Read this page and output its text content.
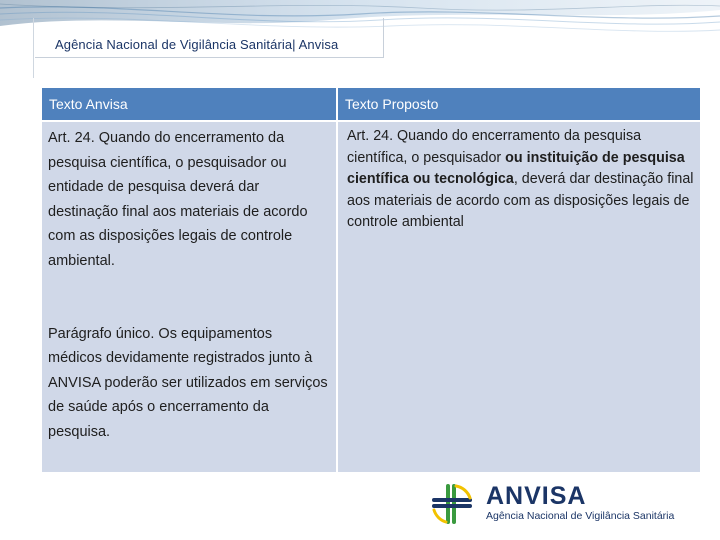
Agência Nacional de Vigilância Sanitária| Anvisa
Texto Anvisa	Texto Proposto

Art. 24. Quando do encerramento da pesquisa científica, o pesquisador ou entidade de pesquisa deverá dar destinação final aos materiais de acordo com as disposições legais de controle ambiental.

Parágrafo único. Os equipamentos médicos devidamente registrados junto à ANVISA poderão ser utilizados em serviços de saúde após o encerramento da pesquisa.

Art. 24. Quando do encerramento da pesquisa científica, o pesquisador ou instituição de pesquisa científica ou tecnológica, deverá dar destinação final aos materiais de acordo com as disposições legais de controle ambiental

ANVISA
Agência Nacional de Vigilância Sanitária
